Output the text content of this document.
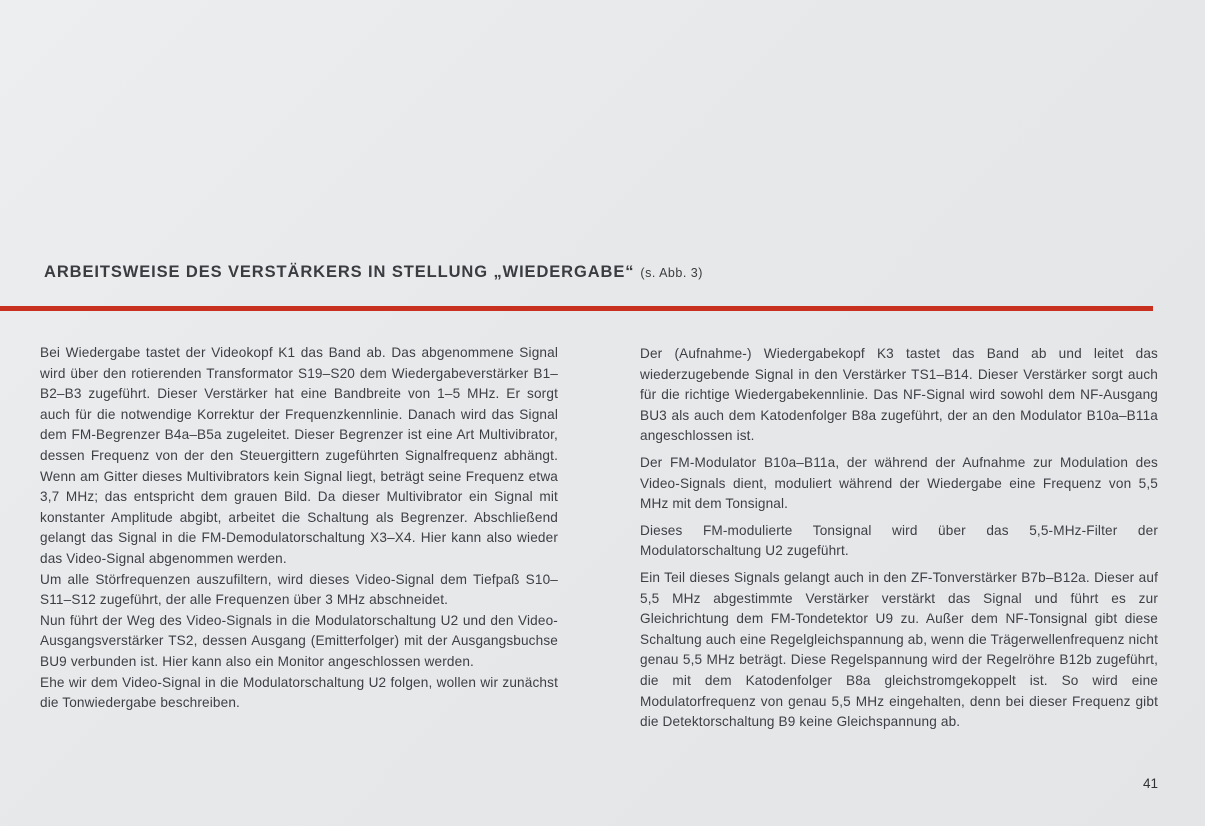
ARBEITSWEISE DES VERSTÄRKERS IN STELLUNG „WIEDERGABE“ (s. Abb. 3)

Bei Wiedergabe tastet der Videokopf K1 das Band ab. Das abgenommene Signal wird über den rotierenden Transformator S19–S20 dem Wiedergabeverstärker B1–B2–B3 zugeführt. Dieser Verstärker hat eine Bandbreite von 1–5 MHz. Er sorgt auch für die notwendige Korrektur der Frequenzkennlinie. Danach wird das Signal dem FM-Begrenzer B4a–B5a zugeleitet. Dieser Begrenzer ist eine Art Multivibrator, dessen Frequenz von der den Steuergittern zugeführten Signalfrequenz abhängt. Wenn am Gitter dieses Multivibrators kein Signal liegt, beträgt seine Frequenz etwa 3,7 MHz; das entspricht dem grauen Bild. Da dieser Multivibrator ein Signal mit konstanter Amplitude abgibt, arbeitet die Schaltung als Begrenzer. Abschließend gelangt das Signal in die FM-Demodulatorschaltung X3–X4. Hier kann also wieder das Video-Signal abgenommen werden.

Um alle Störfrequenzen auszufiltern, wird dieses Video-Signal dem Tiefpaß S10–S11–S12 zugeführt, der alle Frequenzen über 3 MHz abschneidet.

Nun führt der Weg des Video-Signals in die Modulatorschaltung U2 und den Video-Ausgangsverstärker TS2, dessen Ausgang (Emitterfolger) mit der Ausgangsbuchse BU9 verbunden ist. Hier kann also ein Monitor angeschlossen werden.

Ehe wir dem Video-Signal in die Modulatorschaltung U2 folgen, wollen wir zunächst die Tonwiedergabe beschreiben.

Der (Aufnahme-) Wiedergabekopf K3 tastet das Band ab und leitet das wiederzugebende Signal in den Verstärker TS1–B14. Dieser Verstärker sorgt auch für die richtige Wiedergabekennlinie. Das NF-Signal wird sowohl dem NF-Ausgang BU3 als auch dem Katodenfolger B8a zugeführt, der an den Modulator B10a–B11a angeschlossen ist.

Der FM-Modulator B10a–B11a, der während der Aufnahme zur Modulation des Video-Signals dient, moduliert während der Wiedergabe eine Frequenz von 5,5 MHz mit dem Tonsignal.

Dieses FM-modulierte Tonsignal wird über das 5,5-MHz-Filter der Modulatorschaltung U2 zugeführt.

Ein Teil dieses Signals gelangt auch in den ZF-Tonverstärker B7b–B12a. Dieser auf 5,5 MHz abgestimmte Verstärker verstärkt das Signal und führt es zur Gleichrichtung dem FM-Tondetektor U9 zu. Außer dem NF-Tonsignal gibt diese Schaltung auch eine Regelgleichspannung ab, wenn die Trägerwellenfrequenz nicht genau 5,5 MHz beträgt. Diese Regelspannung wird der Regelröhre B12b zugeführt, die mit dem Katodenfolger B8a gleichstromgekoppelt ist. So wird eine Modulatorfrequenz von genau 5,5 MHz eingehalten, denn bei dieser Frequenz gibt die Detektorschaltung B9 keine Gleichspannung ab.

41
